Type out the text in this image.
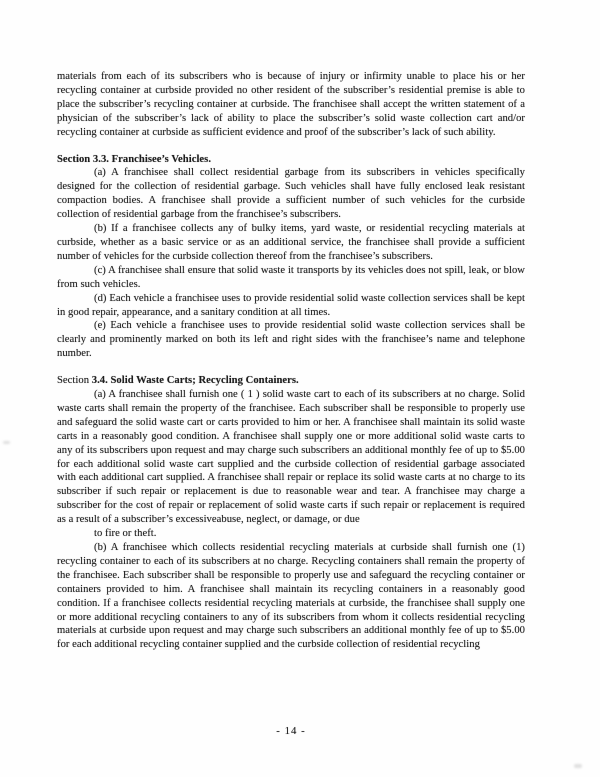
materials from each of its subscribers who is because of injury or infirmity unable to place his or her recycling container at curbside provided no other resident of the subscriber’s residential premise is able to place the subscriber’s recycling container at curbside. The franchisee shall accept the written statement of a physician of the subscriber’s lack of ability to place the subscriber’s solid waste collection cart and/or recycling container at curbside as sufficient evidence and proof of the subscriber’s lack of such ability.

Section 3.3. Franchisee’s Vehicles.

(a) A franchisee shall collect residential garbage from its subscribers in vehicles specifically designed for the collection of residential garbage. Such vehicles shall have fully enclosed leak resistant compaction bodies. A franchisee shall provide a sufficient number of such vehicles for the curbside collection of residential garbage from the franchisee’s subscribers.

(b) If a franchisee collects any of bulky items, yard waste, or residential recycling materials at curbside, whether as a basic service or as an additional service, the franchisee shall provide a sufficient number of vehicles for the curbside collection thereof from the franchisee’s subscribers.

(c) A franchisee shall ensure that solid waste it transports by its vehicles does not spill, leak, or blow from such vehicles.

(d) Each vehicle a franchisee uses to provide residential solid waste collection services shall be kept in good repair, appearance, and a sanitary condition at all times.

(e) Each vehicle a franchisee uses to provide residential solid waste collection services shall be clearly and prominently marked on both its left and right sides with the franchisee’s name and telephone number.

Section 3.4. Solid Waste Carts; Recycling Containers.

(a) A franchisee shall furnish one ( 1 ) solid waste cart to each of its subscribers at no charge. Solid waste carts shall remain the property of the franchisee. Each subscriber shall be responsible to properly use and safeguard the solid waste cart or carts provided to him or her. A franchisee shall maintain its solid waste carts in a reasonably good condition. A franchisee shall supply one or more additional solid waste carts to any of its subscribers upon request and may charge such subscribers an additional monthly fee of up to $5.00 for each additional solid waste cart supplied and the curbside collection of residential garbage associated with each additional cart supplied. A franchisee shall repair or replace its solid waste carts at no charge to its subscriber if such repair or replacement is due to reasonable wear and tear. A franchisee may charge a subscriber for the cost of repair or replacement of solid waste carts if such repair or replacement is required as a result of a subscriber’s excessiveabuse, neglect, or damage, or due
to fire or theft.

(b) A franchisee which collects residential recycling materials at curbside shall furnish one (1) recycling container to each of its subscribers at no charge. Recycling containers shall remain the property of the franchisee. Each subscriber shall be responsible to properly use and safeguard the recycling container or containers provided to him. A franchisee shall maintain its recycling containers in a reasonably good condition. If a franchisee collects residential recycling materials at curbside, the franchisee shall supply one or more additional recycling containers to any of its subscribers from whom it collects residential recycling materials at curbside upon request and may charge such subscribers an additional monthly fee of up to $5.00 for each additional recycling container supplied and the curbside collection of residential recycling

- 14 -
